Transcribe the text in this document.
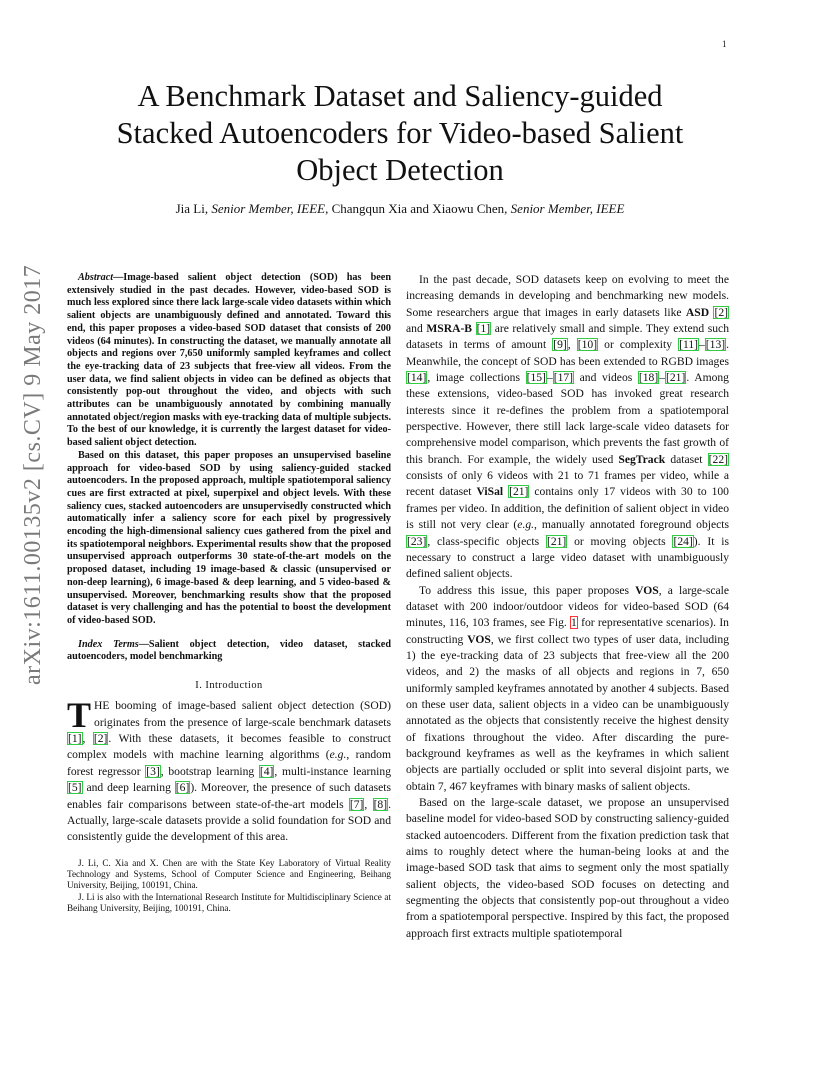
1
arXiv:1611.00135v2 [cs.CV] 9 May 2017
A Benchmark Dataset and Saliency-guided
Stacked Autoencoders for Video-based Salient
Object Detection
Jia Li, Senior Member, IEEE, Changqun Xia and Xiaowu Chen, Senior Member, IEEE

Abstract—Image-based salient object detection (SOD) has been extensively studied in the past decades. However, video-based SOD is much less explored since there lack large-scale video datasets within which salient objects are unambiguously defined and annotated. Toward this end, this paper proposes a video-based SOD dataset that consists of 200 videos (64 minutes). In constructing the dataset, we manually annotate all objects and regions over 7,650 uniformly sampled keyframes and collect the eye-tracking data of 23 subjects that free-view all videos. From the user data, we find salient objects in video can be defined as objects that consistently pop-out throughout the video, and objects with such attributes can be unambiguously annotated by combining manually annotated object/region masks with eye-tracking data of multiple subjects. To the best of our knowledge, it is currently the largest dataset for video-based salient object detection.

Based on this dataset, this paper proposes an unsupervised baseline approach for video-based SOD by using saliency-guided stacked autoencoders. In the proposed approach, multiple spatiotemporal saliency cues are first extracted at pixel, superpixel and object levels. With these saliency cues, stacked autoencoders are unsupervisedly constructed which automatically infer a saliency score for each pixel by progressively encoding the high-dimensional saliency cues gathered from the pixel and its spatiotemporal neighbors. Experimental results show that the proposed unsupervised approach outperforms 30 state-of-the-art models on the proposed dataset, including 19 image-based & classic (unsupervised or non-deep learning), 6 image-based & deep learning, and 5 video-based & unsupervised. Moreover, benchmarking results show that the proposed dataset is very challenging and has the potential to boost the development of video-based SOD.

Index Terms—Salient object detection, video dataset, stacked autoencoders, model benchmarking

I. Introduction

THE booming of image-based salient object detection (SOD) originates from the presence of large-scale benchmark datasets [1], [2]. With these datasets, it becomes feasible to construct complex models with machine learning algorithms (e.g., random forest regressor [3], bootstrap learning [4], multi-instance learning [5] and deep learning [6]). Moreover, the presence of such datasets enables fair comparisons between state-of-the-art models [7], [8]. Actually, large-scale datasets provide a solid foundation for SOD and consistently guide the development of this area.

J. Li, C. Xia and X. Chen are with the State Key Laboratory of Virtual Reality Technology and Systems, School of Computer Science and Engineering, Beihang University, Beijing, 100191, China.

J. Li is also with the International Research Institute for Multidisciplinary Science at Beihang University, Beijing, 100191, China.

In the past decade, SOD datasets keep on evolving to meet the increasing demands in developing and benchmarking new models. Some researchers argue that images in early datasets like ASD [2] and MSRA-B [1] are relatively small and simple. They extend such datasets in terms of amount [9], [10] or complexity [11]–[13]. Meanwhile, the concept of SOD has been extended to RGBD images [14], image collections [15]–[17] and videos [18]–[21]. Among these extensions, video-based SOD has invoked great research interests since it re-defines the problem from a spatiotemporal perspective. However, there still lack large-scale video datasets for comprehensive model comparison, which prevents the fast growth of this branch. For example, the widely used SegTrack dataset [22] consists of only 6 videos with 21 to 71 frames per video, while a recent dataset ViSal [21] contains only 17 videos with 30 to 100 frames per video. In addition, the definition of salient object in video is still not very clear (e.g., manually annotated foreground objects [23], class-specific objects [21] or moving objects [24]). It is necessary to construct a large video dataset with unambiguously defined salient objects.

To address this issue, this paper proposes VOS, a large-scale dataset with 200 indoor/outdoor videos for video-based SOD (64 minutes, 116, 103 frames, see Fig. 1 for representative scenarios). In constructing VOS, we first collect two types of user data, including 1) the eye-tracking data of 23 subjects that free-view all the 200 videos, and 2) the masks of all objects and regions in 7, 650 uniformly sampled keyframes annotated by another 4 subjects. Based on these user data, salient objects in a video can be unambiguously annotated as the objects that consistently receive the highest density of fixations throughout the video. After discarding the pure-background keyframes as well as the keyframes in which salient objects are partially occluded or split into several disjoint parts, we obtain 7, 467 keyframes with binary masks of salient objects.

Based on the large-scale dataset, we propose an unsupervised baseline model for video-based SOD by constructing saliency-guided stacked autoencoders. Different from the fixation prediction task that aims to roughly detect where the human-being looks at and the image-based SOD task that aims to segment only the most spatially salient objects, the video-based SOD focuses on detecting and segmenting the objects that consistently pop-out throughout a video from a spatiotemporal perspective. Inspired by this fact, the proposed approach first extracts multiple spatiotemporal
